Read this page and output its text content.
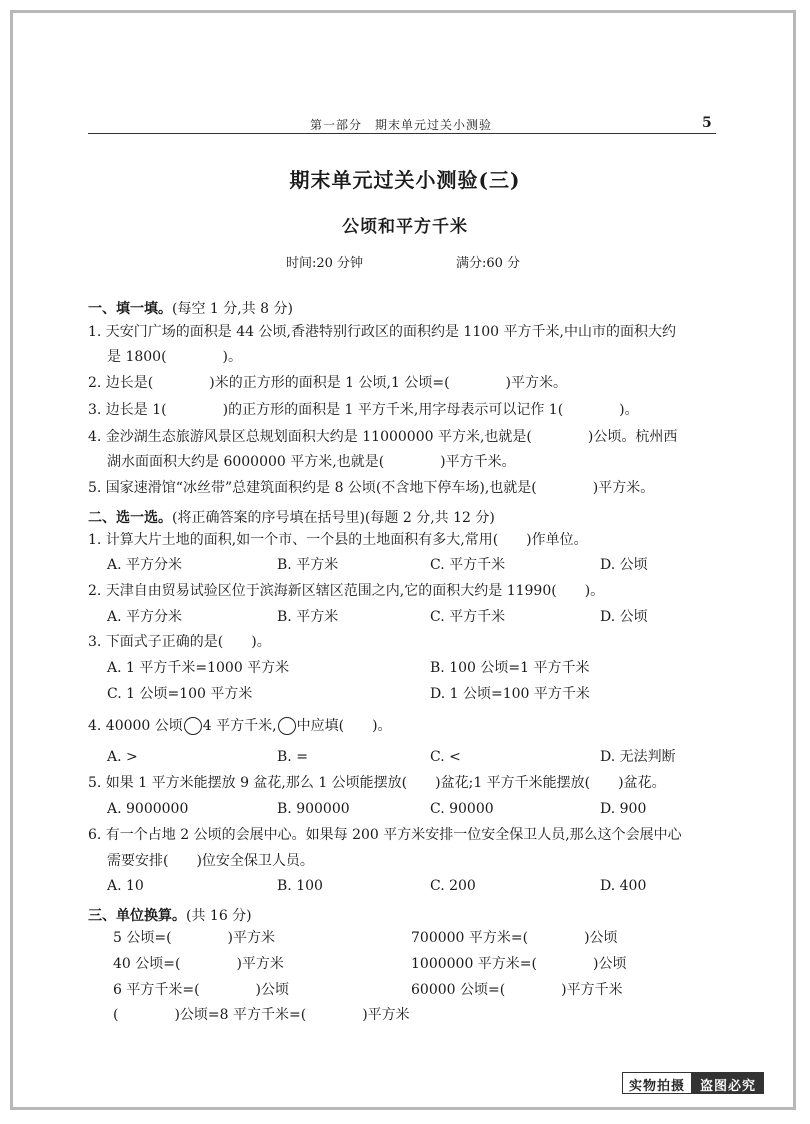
第一部分　期末单元过关小测验	5
期末单元过关小测验(三)
公顷和平方千米
时间:20 分钟	满分:60 分
一、填一填。(每空 1 分,共 8 分)
1. 天安门广场的面积是 44 公顷,香港特别行政区的面积约是 1100 平方千米,中山市的面积大约
是 1800(　　　　)。
2. 边长是(　　　　)米的正方形的面积是 1 公顷,1 公顷=(　　　　)平方米。
3. 边长是 1(　　　　)的正方形的面积是 1 平方千米,用字母表示可以记作 1(　　　　)。
4. 金沙湖生态旅游风景区总规划面积大约是 11000000 平方米,也就是(　　　　)公顷。杭州西
湖水面面积大约是 6000000 平方米,也就是(　　　　)平方千米。
5. 国家速滑馆“冰丝带”总建筑面积约是 8 公顷(不含地下停车场),也就是(　　　　)平方米。
二、选一选。(将正确答案的序号填在括号里)(每题 2 分,共 12 分)
1. 计算大片土地的面积,如一个市、一个县的土地面积有多大,常用(　　)作单位。
A. 平方分米	B. 平方米	C. 平方千米	D. 公顷
2. 天津自由贸易试验区位于滨海新区辖区范围之内,它的面积大约是 11990(　　)。
A. 平方分米	B. 平方米	C. 平方千米	D. 公顷
3. 下面式子正确的是(　　)。
A. 1 平方千米=1000 平方米	B. 100 公顷=1 平方千米
C. 1 公顷=100 平方米	D. 1 公顷=100 平方千米
4. 40000 公顷 4 平方千米, 中应填(　　)。
A. >	B. =	C. <	D. 无法判断
5. 如果 1 平方米能摆放 9 盆花,那么 1 公顷能摆放(　　)盆花;1 平方千米能摆放(　　)盆花。
A. 9000000	B. 900000	C. 90000	D. 900
6. 有一个占地 2 公顷的会展中心。如果每 200 平方米安排一位安全保卫人员,那么这个会展中心
需要安排(　　)位安全保卫人员。
A. 10	B. 100	C. 200	D. 400
三、单位换算。(共 16 分)
5 公顷=(　　　　)平方米	700000 平方米=(　　　　)公顷
40 公顷=(　　　　)平方米	1000000 平方米=(　　　　)公顷
6 平方千米=(　　　　)公顷	60000 公顷=(　　　　)平方千米
(　　　　)公顷=8 平方千米=(　　　　)平方米
实物拍摄	盗图必究
